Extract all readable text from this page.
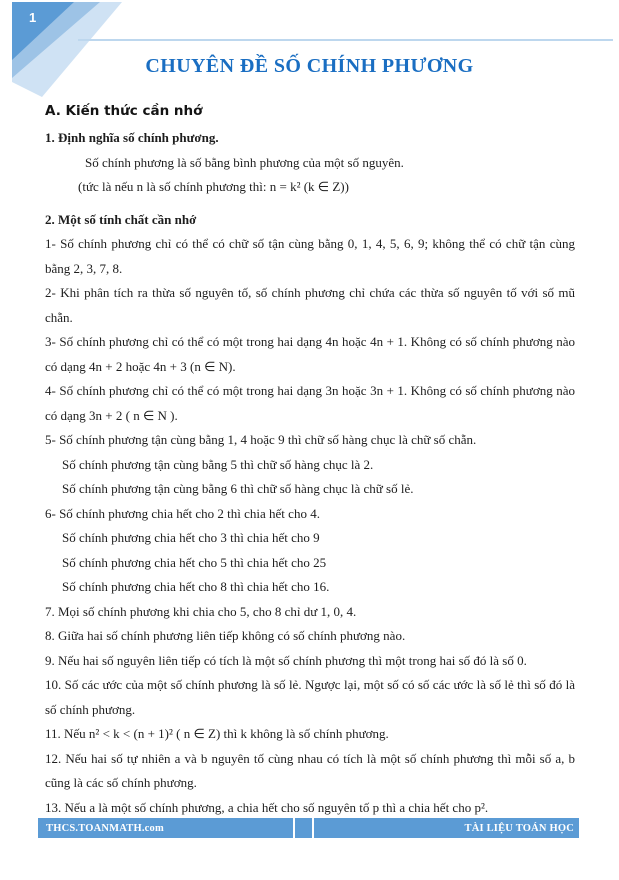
1
CHUYÊN ĐỀ SỐ CHÍNH PHƯƠNG
A. Kiến thức cần nhớ

1. Định nghĩa số chính phương.

Số chính phương là số bằng bình phương của một số nguyên.

(tức là nếu n là số chính phương thì: n = k² (k ∈ Z))

2. Một số tính chất cần nhớ

1- Số chính phương chỉ có thể có chữ số tận cùng bằng 0, 1, 4, 5, 6, 9; không thể có chữ tận cùng bằng 2, 3, 7, 8.

2- Khi phân tích ra thừa số nguyên tố, số chính phương chỉ chứa các thừa số nguyên tố với số mũ chẵn.

3- Số chính phương chỉ có thể có một trong hai dạng 4n hoặc 4n + 1. Không có số chính phương nào có dạng 4n + 2 hoặc 4n + 3 (n ∈ N).

4- Số chính phương chỉ có thể có một trong hai dạng 3n hoặc 3n + 1. Không có số chính phương nào có dạng 3n + 2 ( n ∈ N ).

5- Số chính phương tận cùng bằng 1, 4 hoặc 9 thì chữ số hàng chục là chữ số chẵn.

Số chính phương tận cùng bằng 5 thì chữ số hàng chục là 2.

Số chính phương tận cùng bằng 6 thì chữ số hàng chục là chữ số lẻ.

6- Số chính phương chia hết cho 2 thì chia hết cho 4.

Số chính phương chia hết cho 3 thì chia hết cho 9

Số chính phương chia hết cho 5 thì chia hết cho 25

Số chính phương chia hết cho 8 thì chia hết cho 16.

7. Mọi số chính phương khi chia cho 5, cho 8 chỉ dư 1, 0, 4.

8. Giữa hai số chính phương liên tiếp không có số chính phương nào.

9. Nếu hai số nguyên liên tiếp có tích là một số chính phương thì một trong hai số đó là số 0.

10. Số các ước của một số chính phương là số lẻ. Ngược lại, một số có số các ước là số lẻ thì số đó là số chính phương.

11. Nếu n² < k < (n + 1)² ( n ∈ Z) thì k không là số chính phương.

12. Nếu hai số tự nhiên a và b nguyên tố cùng nhau có tích là một số chính phương thì mỗi số a, b cũng là các số chính phương.

13. Nếu a là một số chính phương, a chia hết cho số nguyên tố p thì a chia hết cho p².

THCS.TOANMATH.com	TÀI LIỆU TOÁN HỌC
